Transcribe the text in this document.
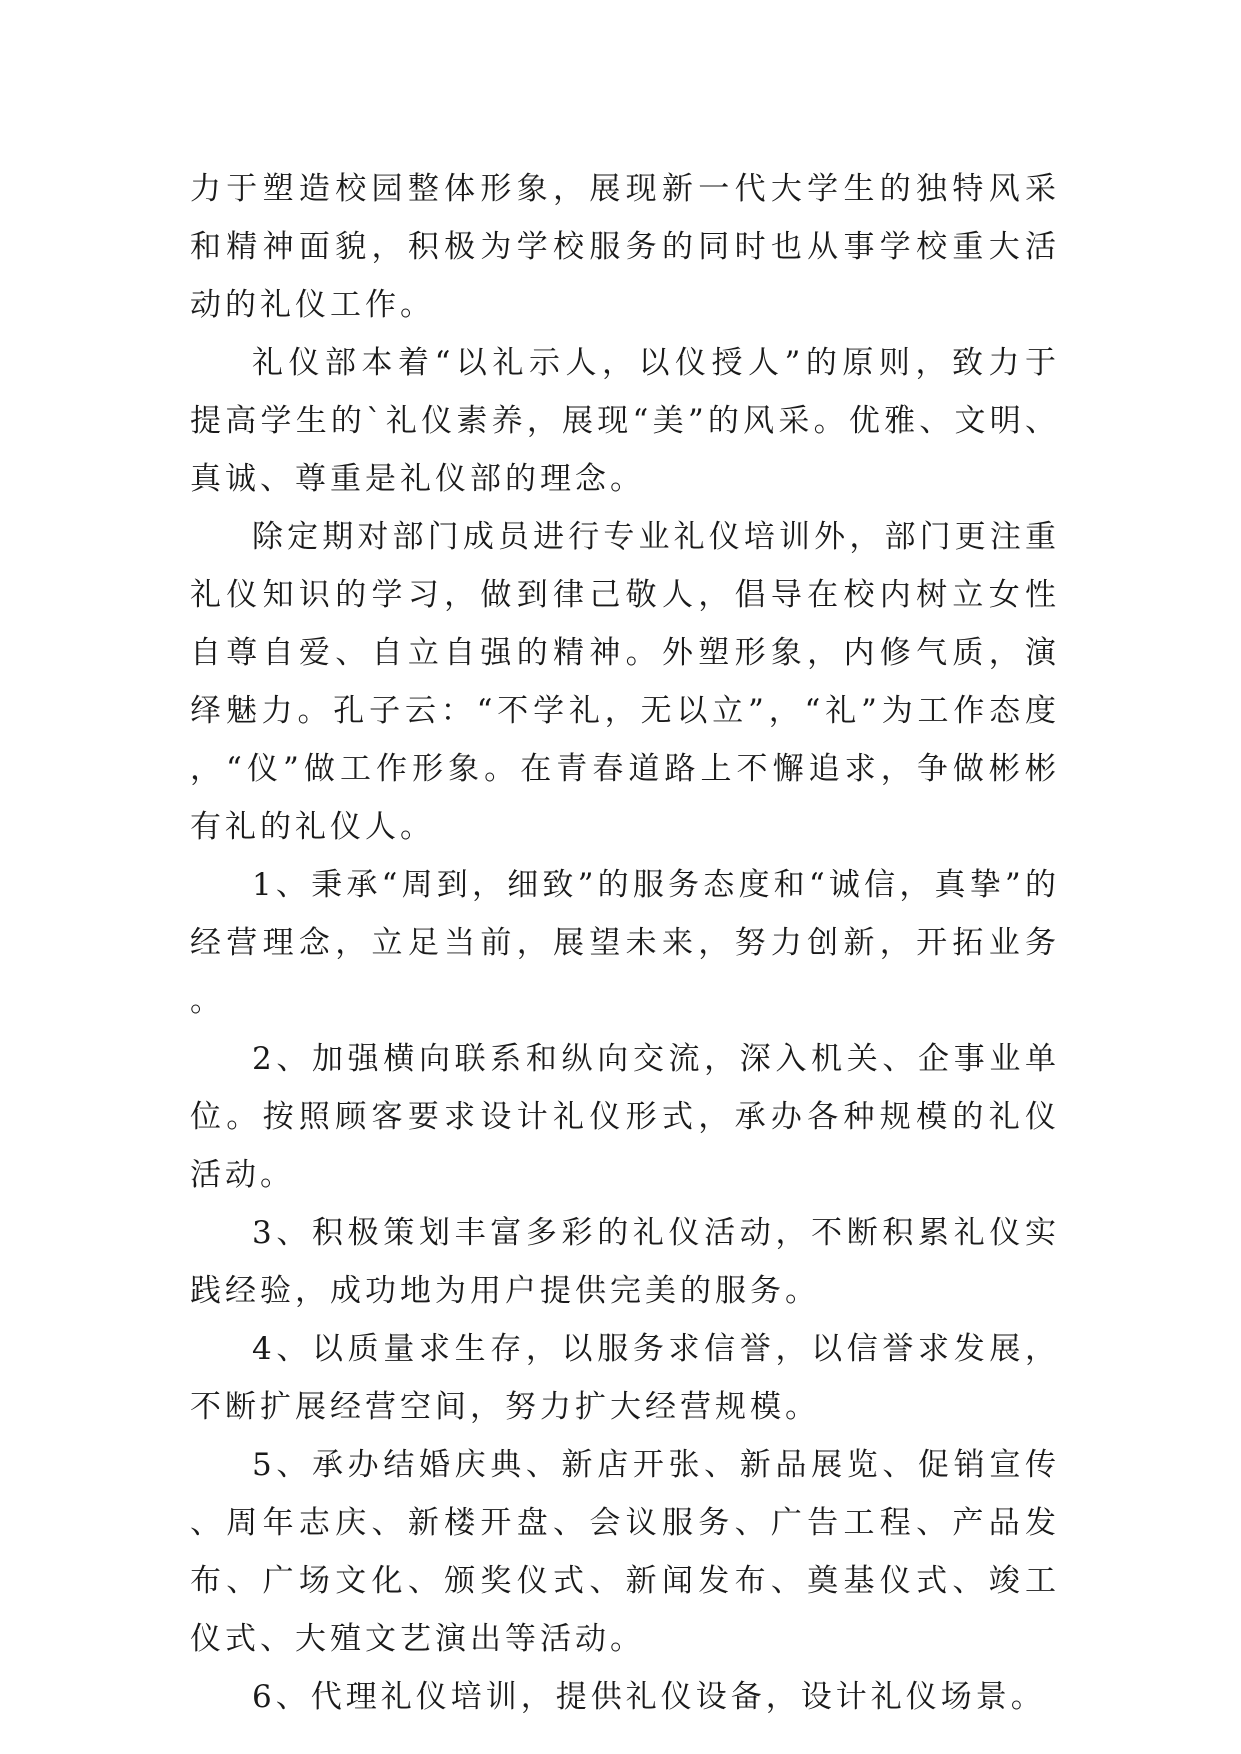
力于塑造校园整体形象，展现新一代大学生的独特风采和精神面貌，积极为学校服务的同时也从事学校重大活动的礼仪工作。

礼仪部本着“以礼示人，以仪授人”的原则，致力于提高学生的`礼仪素养，展现“美”的风采。优雅、文明、真诚、尊重是礼仪部的理念。

除定期对部门成员进行专业礼仪培训外，部门更注重礼仪知识的学习，做到律己敬人，倡导在校内树立女性自尊自爱、自立自强的精神。外塑形象，内修气质，演绎魅力。孔子云：“不学礼，无以立”，“礼”为工作态度，“仪”做工作形象。在青春道路上不懈追求，争做彬彬有礼的礼仪人。

1、秉承“周到，细致”的服务态度和“诚信，真挚”的经营理念，立足当前，展望未来，努力创新，开拓业务。

2、加强横向联系和纵向交流，深入机关、企事业单位。按照顾客要求设计礼仪形式，承办各种规模的礼仪活动。

3、积极策划丰富多彩的礼仪活动，不断积累礼仪实践经验，成功地为用户提供完美的服务。

4、以质量求生存，以服务求信誉，以信誉求发展，不断扩展经营空间，努力扩大经营规模。

5、承办结婚庆典、新店开张、新品展览、促销宣传、周年志庆、新楼开盘、会议服务、广告工程、产品发布、广场文化、颁奖仪式、新闻发布、奠基仪式、竣工仪式、大殖文艺演出等活动。

6、代理礼仪培训，提供礼仪设备，设计礼仪场景。
